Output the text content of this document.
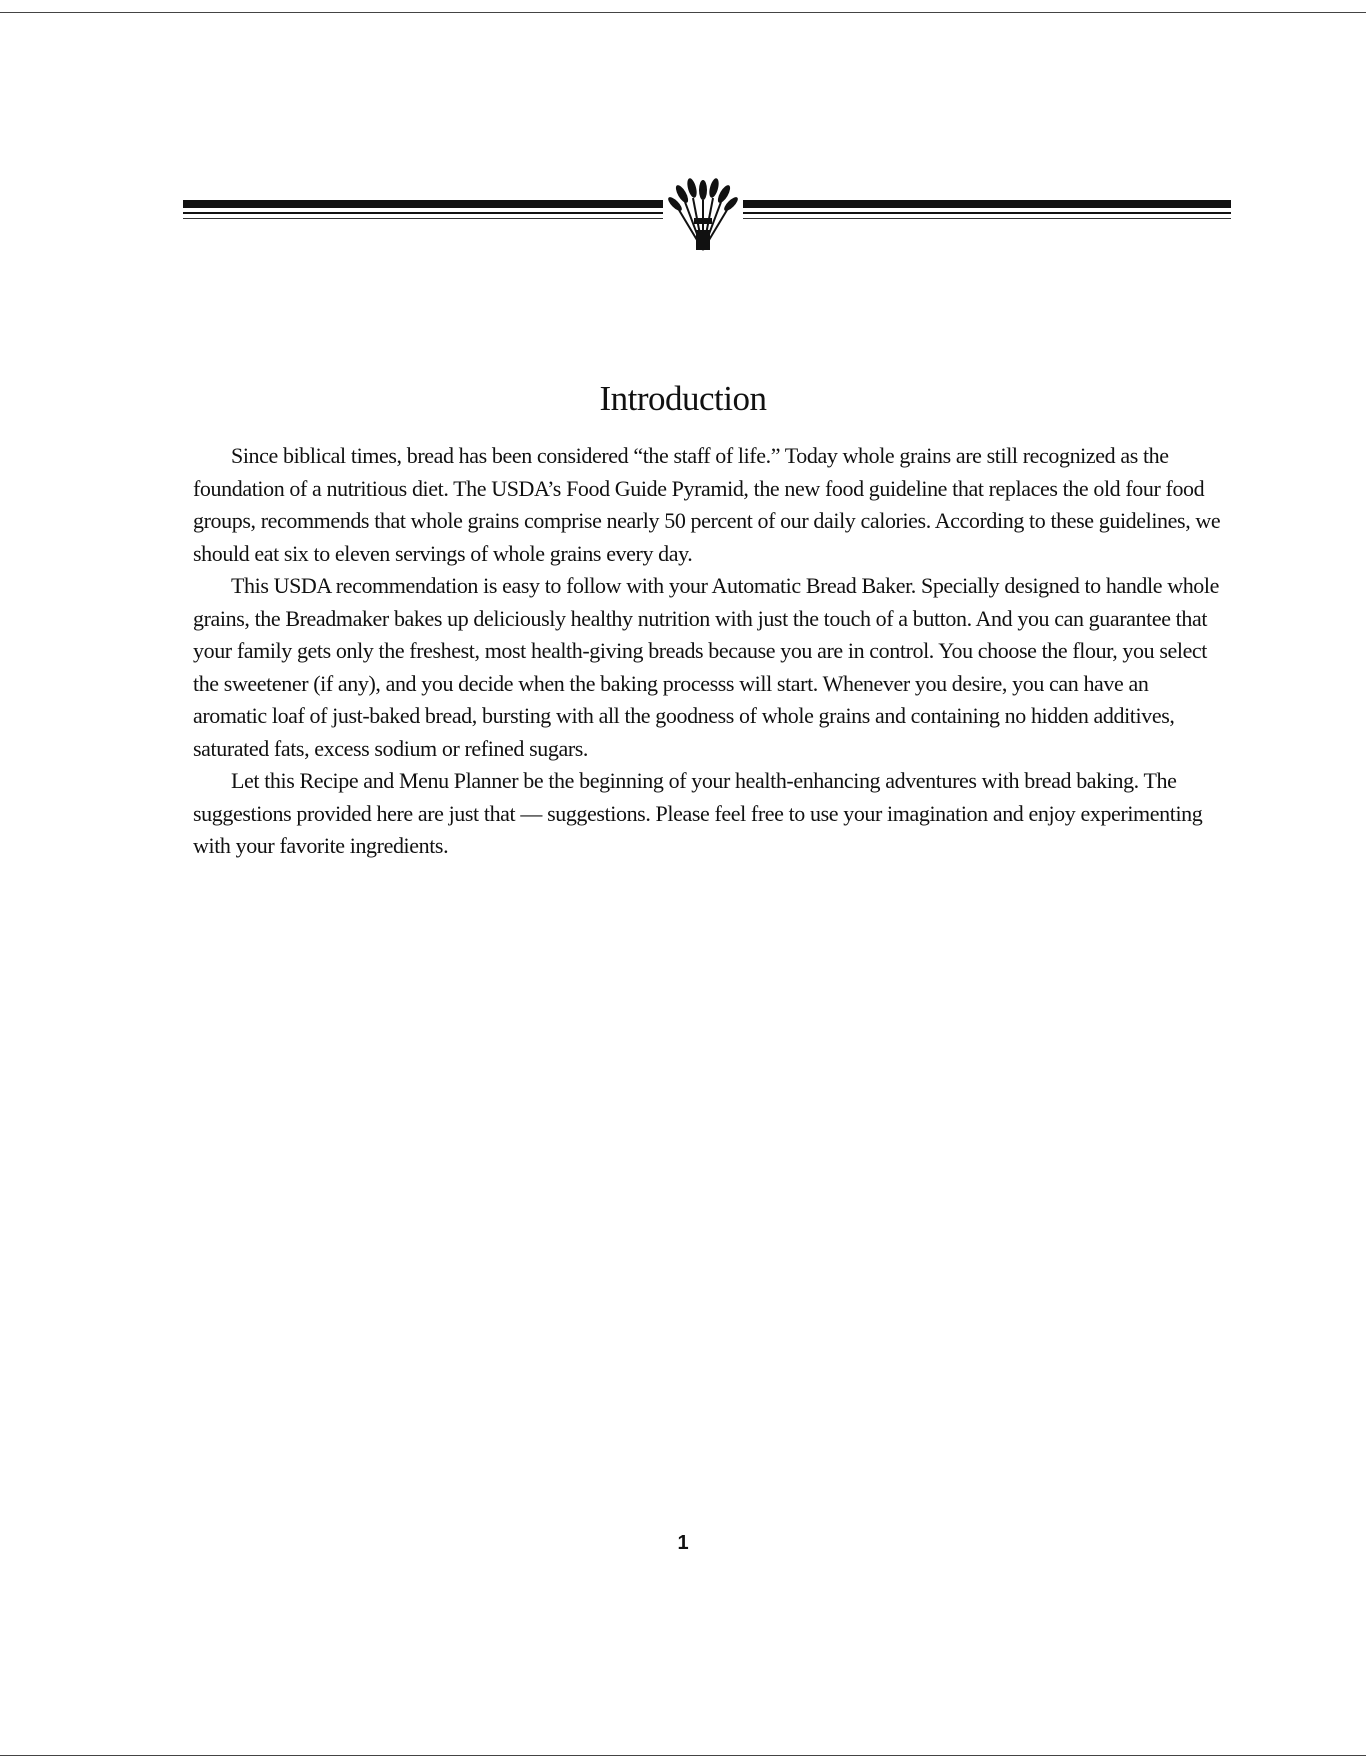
Introduction

Since biblical times, bread has been considered “the staff of life.” Today whole grains are still recognized as the foundation of a nutritious diet. The USDA’s Food Guide Pyramid, the new food guideline that replaces the old four food groups, recommends that whole grains comprise nearly 50 percent of our daily calories. According to these guidelines, we should eat six to eleven servings of whole grains every day.

This USDA recommendation is easy to follow with your Automatic Bread Baker. Specially designed to handle whole grains, the Breadmaker bakes up deliciously healthy nutrition with just the touch of a button. And you can guarantee that your family gets only the freshest, most health-giving breads because you are in control. You choose the flour, you select the sweetener (if any), and you decide when the baking processs will start. Whenever you desire, you can have an aromatic loaf of just-baked bread, bursting with all the goodness of whole grains and containing no hidden additives, saturated fats, excess sodium or refined sugars.

Let this Recipe and Menu Planner be the beginning of your health-enhancing adventures with bread baking. The suggestions provided here are just that — suggestions. Please feel free to use your imagination and enjoy experimenting with your favorite ingredients.

1
